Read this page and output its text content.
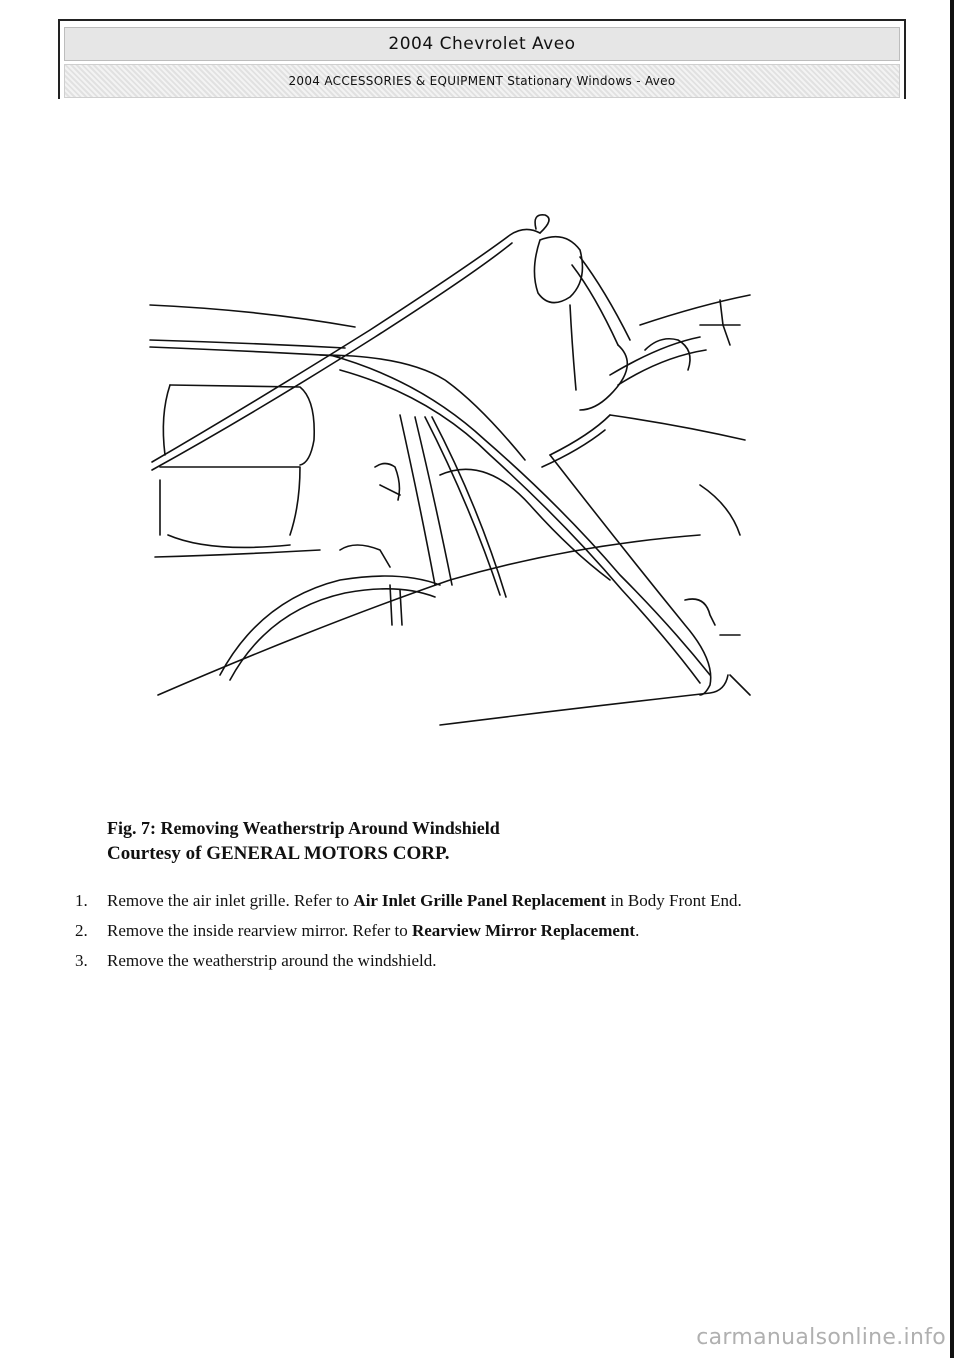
2004 Chevrolet Aveo
2004 ACCESSORIES & EQUIPMENT Stationary Windows - Aveo
Fig. 7: Removing Weatherstrip Around Windshield
Courtesy of GENERAL MOTORS CORP.
1. Remove the air inlet grille. Refer to Air Inlet Grille Panel Replacement in Body Front End.
2. Remove the inside rearview mirror. Refer to Rearview Mirror Replacement.
3. Remove the weatherstrip around the windshield.
carmanualsonline.info
